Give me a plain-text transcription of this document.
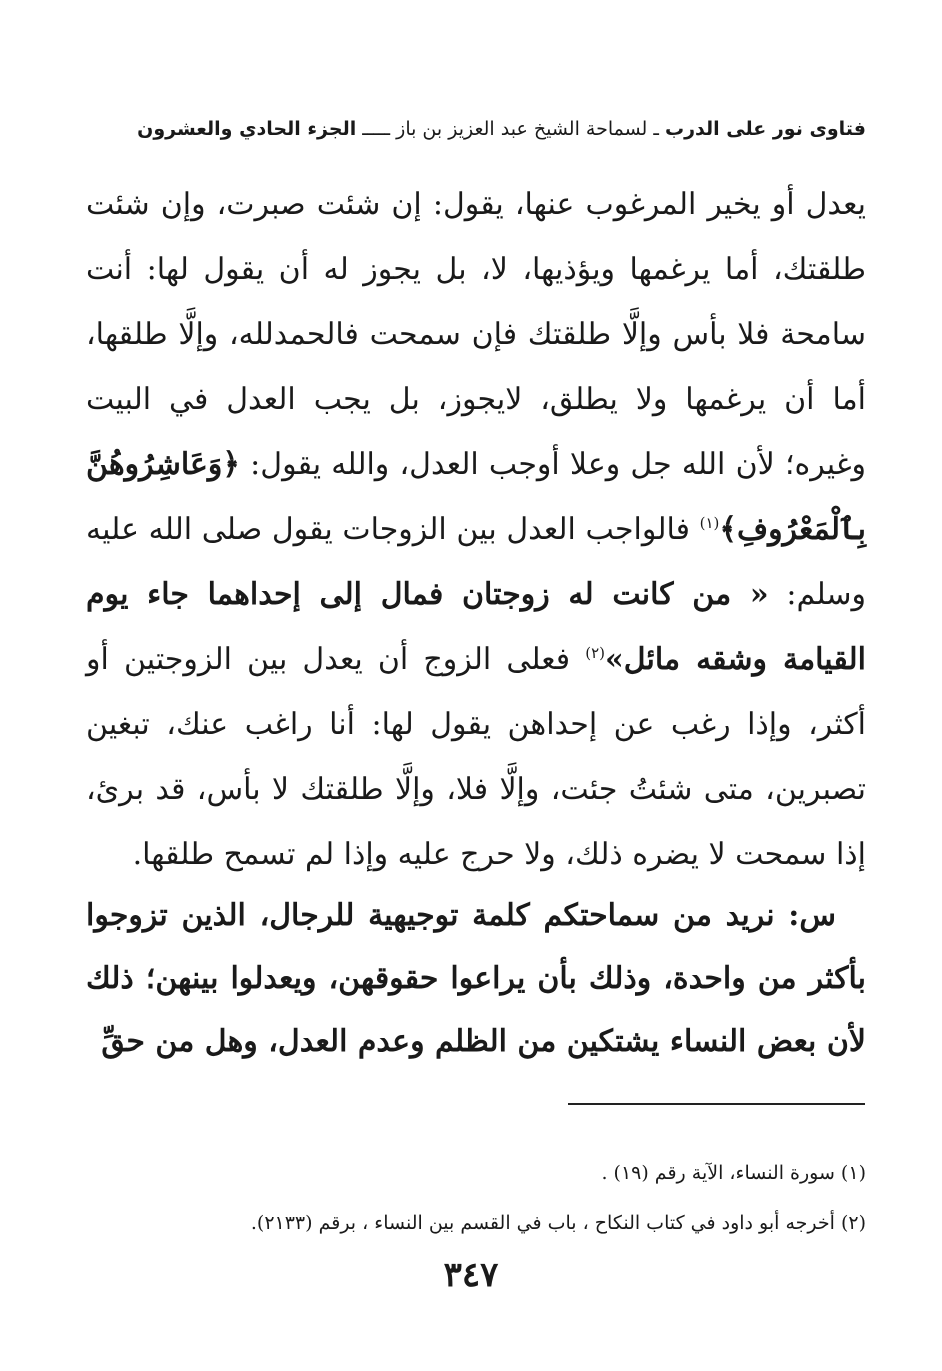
فتاوى نور على الدرب ـ لسماحة الشيخ عبد العزيز بن باز ـــــ الجزء الحادي والعشرون

يعدل أو يخير المرغوب عنها، يقول: إن شئت صبرت، وإن شئت طلقتك، أما يرغمها ويؤذيها، لا، بل يجوز له أن يقول لها: أنت سامحة فلا بأس وإلَّا طلقتك فإن سمحت فالحمدلله، وإلَّا طلقها، أما أن يرغمها ولا يطلق، لايجوز، بل يجب العدل في البيت وغيره؛ لأن الله جل وعلا أوجب العدل، والله يقول: ﴿وَعَاشِرُوهُنَّ بِٱلْمَعْرُوفِ﴾$^{(١)}$ فالواجب العدل بين الزوجات يقول صلى الله عليه وسلم: « من كانت له زوجتان فمال إلى إحداهما جاء يوم القيامة وشقه مائل»$^{(٢)}$ فعلى الزوج أن يعدل بين الزوجتين أو أكثر، وإذا رغب عن إحداهن يقول لها: أنا راغب عنك، تبغين تصبرين، متى شئتُ جئت، وإلَّا فلا، وإلَّا طلقتك لا بأس، قد برئ، إذا سمحت لا يضره ذلك، ولا حرج عليه وإذا لم تسمح طلقها.

س: نريد من سماحتكم كلمة توجيهية للرجال، الذين تزوجوا بأكثر من واحدة، وذلك بأن يراعوا حقوقهن، ويعدلوا بينهن؛ ذلك لأن بعض النساء يشتكين من الظلم وعدم العدل، وهل من حقِّ

(١) سورة النساء، الآية رقم (١٩) .

(٢) أخرجه أبو داود في كتاب النكاح ، باب في القسم بين النساء ، برقم (٢١٣٣).

٣٤٧
